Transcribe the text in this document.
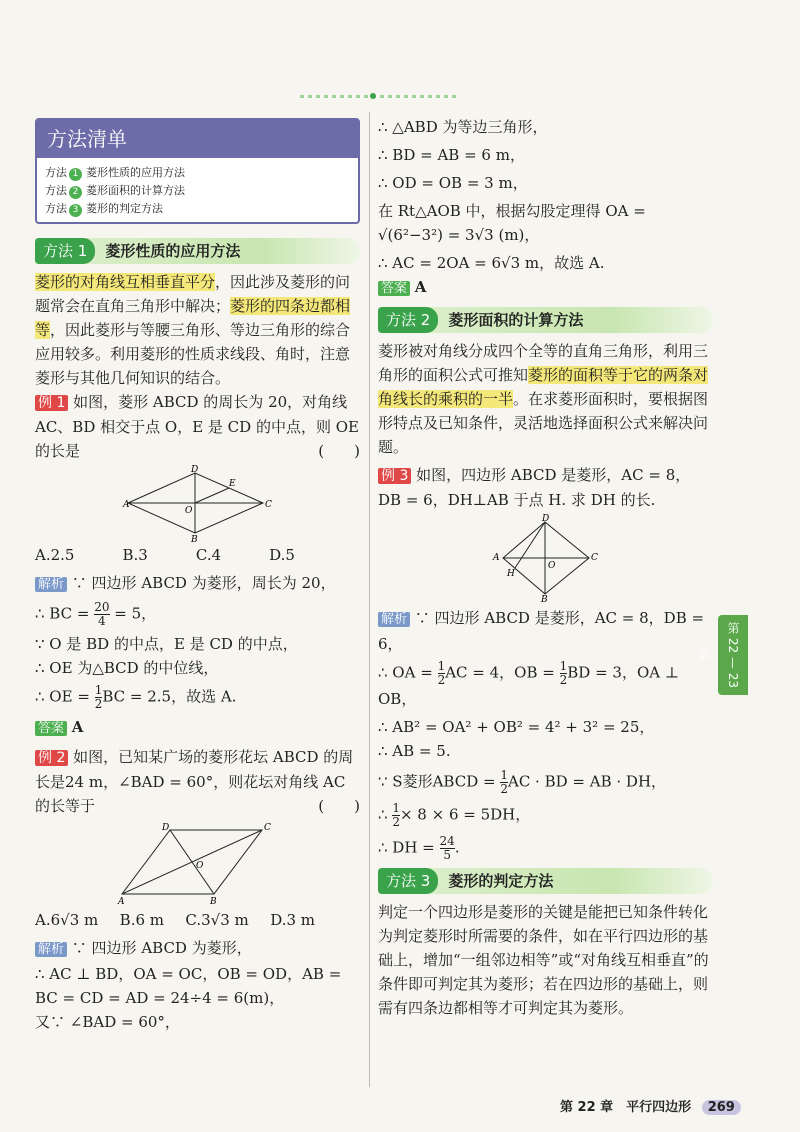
方法清单
方法 1 菱形性质的应用方法
方法 2 菱形面积的计算方法
方法 3 菱形的判定方法
方法 1	菱形性质的应用方法

菱形的对角线互相垂直平分，因此涉及菱形的问题常会在直角三角形中解决；菱形的四条边都相等，因此菱形与等腰三角形、等边三角形的综合应用较多。利用菱形的性质求线段、角时，注意菱形与其他几何知识的结合。

例 1 如图，菱形 ABCD 的周长为 20，对角线 AC、BD 相交于点 O，E 是 CD 的中点，则 OE 的长是	(　　)

A
D
C
B
E
O
A.2.5	B.3	C.4	D.5

解析 ∵ 四边形 ABCD 为菱形，周长为 20，

∴ BC = $\frac{20}{4} = 5$，

∵ O 是 BD 的中点，E 是 CD 的中点，

∴ OE 为△BCD 的中位线，

∴ OE = $\frac{1}{2}$ BC = 2.5，故选 A.

答案 A

例 2 如图，已知某广场的菱形花坛 ABCD 的周长是24 m，∠BAD = 60°，则花坛对角线 AC 的长等于	(　　)

A	B
C
D
O
A.6√3 m B.6 m C.3√3 m D.3 m

解析 ∵ 四边形 ABCD 为菱形，

∴ AC ⊥ BD，OA = OC，OB = OD，AB = BC = CD = AD = 24÷4 = 6(m)，

又∵ ∠BAD = 60°，

∴ △ABD 为等边三角形，

∴ BD = AB = 6 m，

∴ OD = OB = 3 m，

在 Rt△AOB 中，根据勾股定理得 OA = √(6²−3²) = 3√3 (m)，

∴ AC = 2OA = 6√3 m，故选 A.

答案 A

方法 2	菱形面积的计算方法

菱形被对角线分成四个全等的直角三角形，利用三角形的面积公式可推知菱形的面积等于它的两条对角线长的乘积的一半。在求菱形面积时，要根据图形特点及已知条件，灵活地选择面积公式来解决问题。

例 3 如图，四边形 ABCD 是菱形，AC = 8，DB = 6，DH⊥AB 于点 H. 求 DH 的长.

A
D
C
B
H
O

解析 ∵ 四边形 ABCD 是菱形，AC = 8，DB = 6，

∴ OA = $\frac{1}{2}$ AC = 4，OB = $\frac{1}{2}$ BD = 3，OA ⊥ OB，

∴ AB² = OA² + OB² = 4² + 3² = 25，

∴ AB = 5.

∵ S菱形ABCD = $\frac{1}{2}$ AC · BD = AB · DH，

∴ $\frac{1}{2} \times 8 \times 6 = 5DH$，

∴ DH = $\frac{24}{5}$ .

方法 3	菱形的判定方法

判定一个四边形是菱形的关键是能把已知条件转化为判定菱形时所需要的条件，如在平行四边形的基础上，增加“一组邻边相等”或“对角线互相垂直”的条件即可判定其为菱形；若在四边形的基础上，则需有四条边都相等才可判定其为菱形。

第 22 — 23 章
第 22 章　平行四边形 269
